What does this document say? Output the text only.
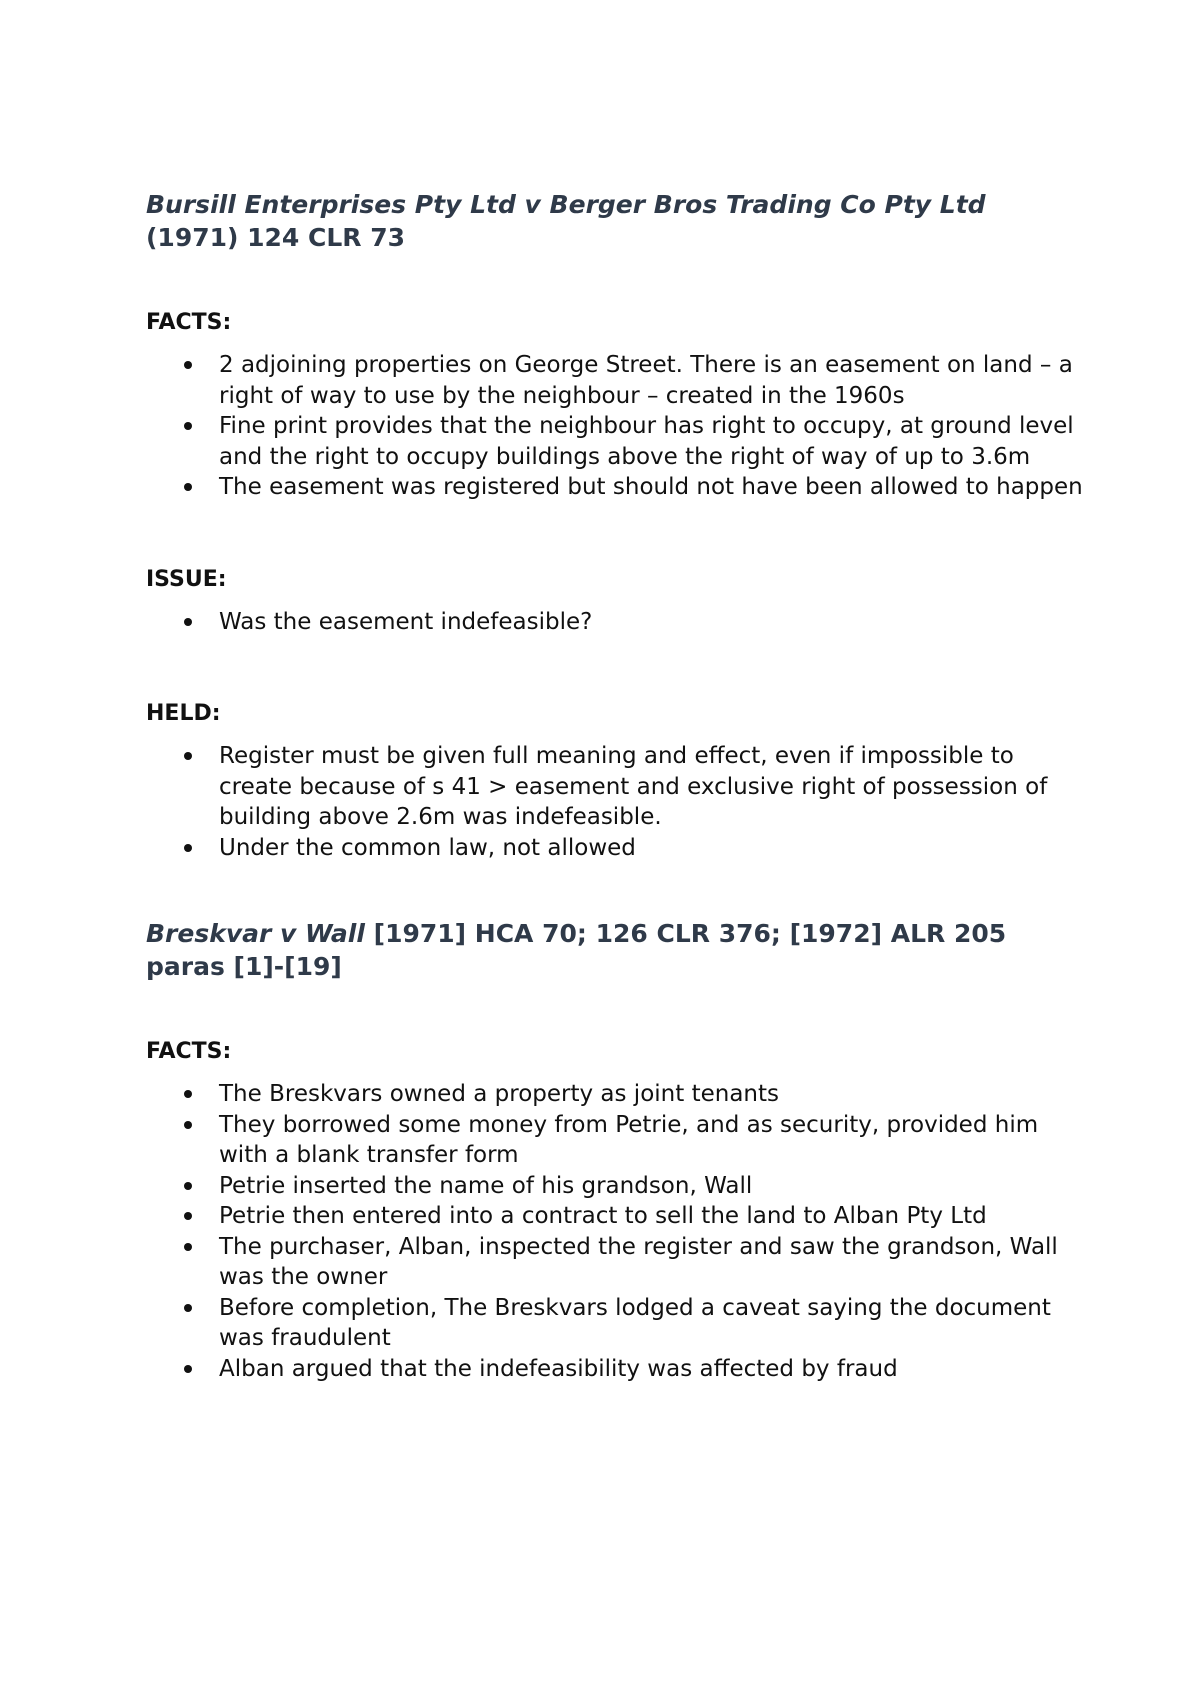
Bursill Enterprises Pty Ltd v Berger Bros Trading Co Pty Ltd (1971) 124 CLR 73
FACTS:
2 adjoining properties on George Street. There is an easement on land – a right of way to use by the neighbour – created in the 1960s
Fine print provides that the neighbour has right to occupy, at ground level and the right to occupy buildings above the right of way of up to 3.6m
The easement was registered but should not have been allowed to happen
ISSUE:
Was the easement indefeasible?
HELD:
Register must be given full meaning and effect, even if impossible to create because of s 41 > easement and exclusive right of possession of building above 2.6m was indefeasible.
Under the common law, not allowed
Breskvar v Wall [1971] HCA 70; 126 CLR 376; [1972] ALR 205 paras [1]-[19]
FACTS:
The Breskvars owned a property as joint tenants
They borrowed some money from Petrie, and as security, provided him with a blank transfer form
Petrie inserted the name of his grandson, Wall
Petrie then entered into a contract to sell the land to Alban Pty Ltd
The purchaser, Alban, inspected the register and saw the grandson, Wall was the owner
Before completion, The Breskvars lodged a caveat saying the document was fraudulent
Alban argued that the indefeasibility was affected by fraud
